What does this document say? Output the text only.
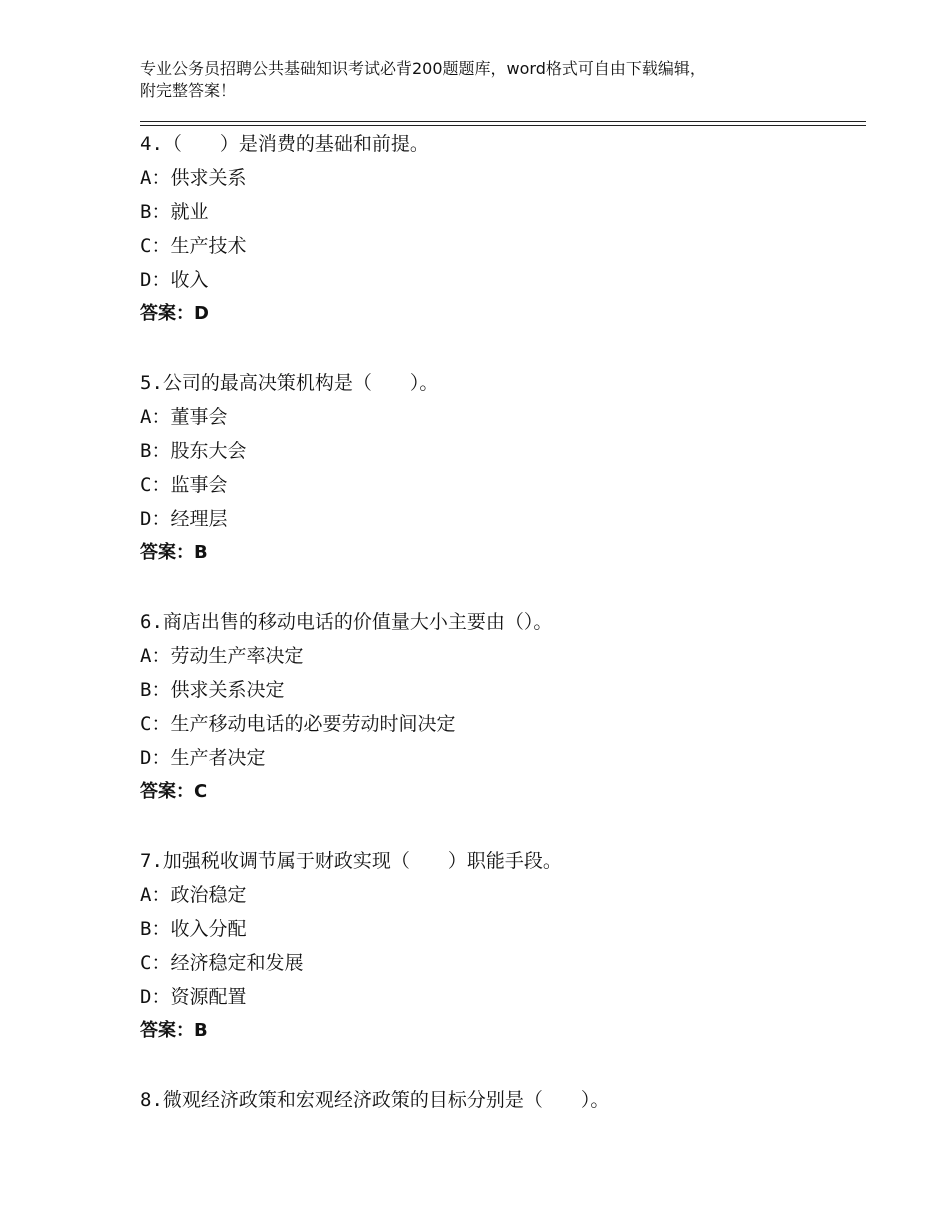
专业公务员招聘公共基础知识考试必背200题题库，word格式可自由下载编辑，
附完整答案！
4.（　　）是消费的基础和前提。
A：供求关系
B：就业
C：生产技术
D：收入
答案：D
5.公司的最高决策机构是（　　）。
A：董事会
B：股东大会
C：监事会
D：经理层
答案：B
6.商店出售的移动电话的价值量大小主要由（）。
A：劳动生产率决定
B：供求关系决定
C：生产移动电话的必要劳动时间决定
D：生产者决定
答案：C
7.加强税收调节属于财政实现（　　）职能手段。
A：政治稳定
B：收入分配
C：经济稳定和发展
D：资源配置
答案：B
8.微观经济政策和宏观经济政策的目标分别是（　　）。
